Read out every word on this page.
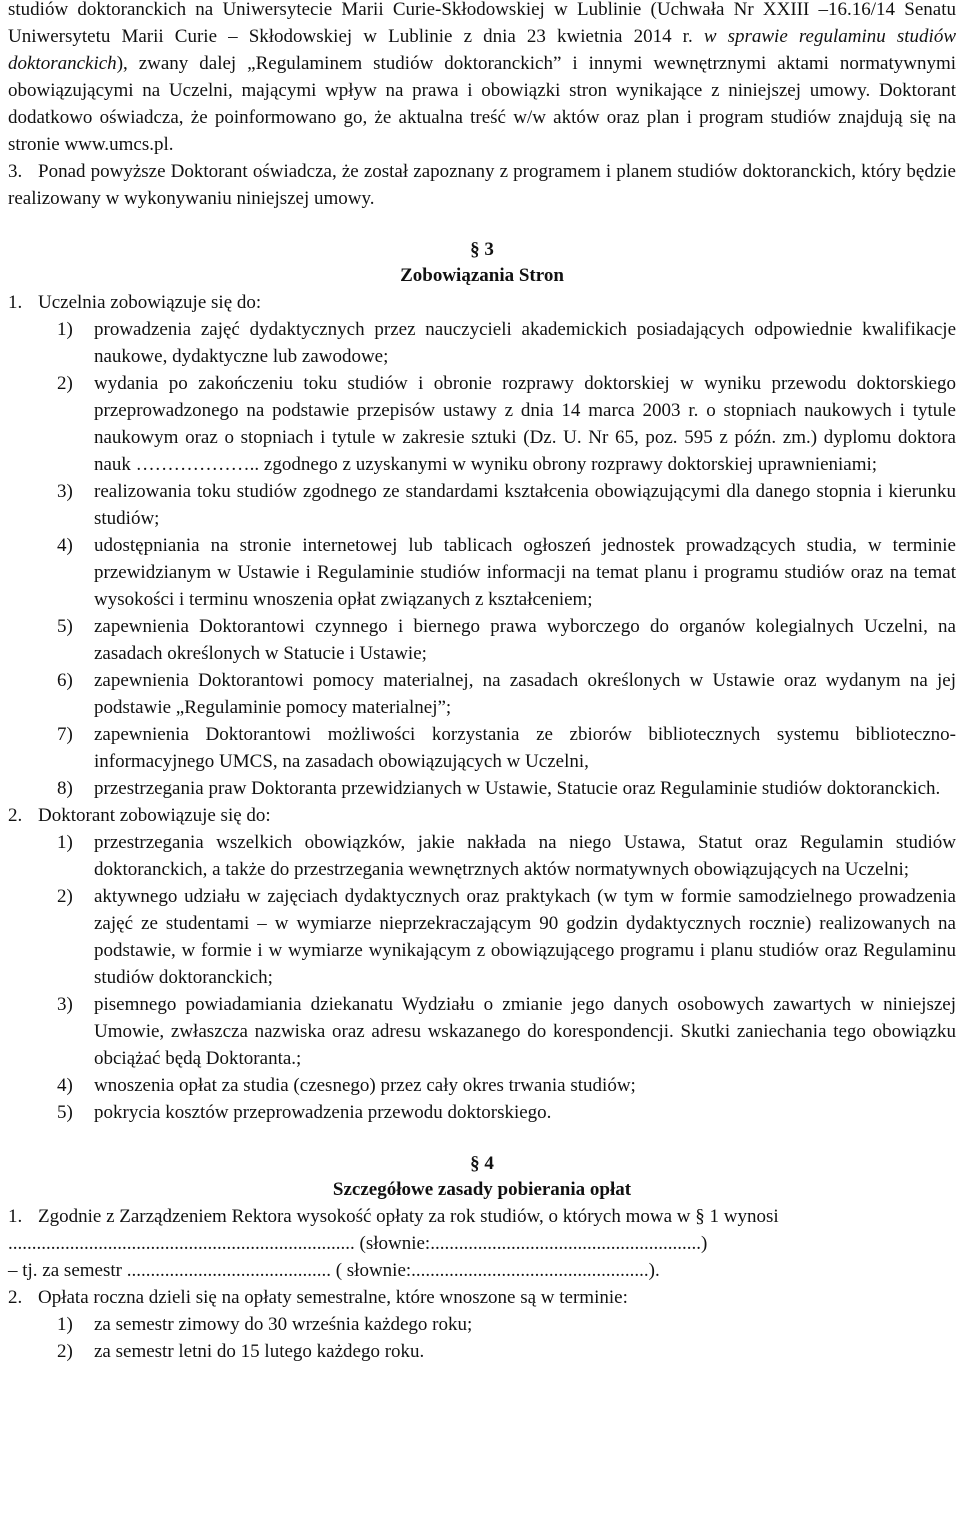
studiów doktoranckich na Uniwersytecie Marii Curie-Skłodowskiej w Lublinie (Uchwała Nr XXIII –16.16/14 Senatu Uniwersytetu Marii Curie – Skłodowskiej w Lublinie z dnia 23 kwietnia 2014 r. w sprawie regulaminu studiów doktoranckich), zwany dalej „Regulaminem studiów doktoranckich” i innymi wewnętrznymi aktami normatywnymi obowiązującymi na Uczelni, mającymi wpływ na prawa i obowiązki stron wynikające z niniejszej umowy. Doktorant dodatkowo oświadcza, że poinformowano go, że aktualna treść w/w aktów oraz plan i program studiów znajdują się na stronie www.umcs.pl.

3. Ponad powyższe Doktorant oświadcza, że został zapoznany z programem i planem studiów doktoranckich, który będzie realizowany w wykonywaniu niniejszej umowy.

§ 3
Zobowiązania Stron
1. Uczelnia zobowiązuje się do:
1) prowadzenia zajęć dydaktycznych przez nauczycieli akademickich posiadających odpowiednie kwalifikacje naukowe, dydaktyczne lub zawodowe;
2) wydania po zakończeniu toku studiów i obronie rozprawy doktorskiej w wyniku przewodu doktorskiego przeprowadzonego na podstawie przepisów ustawy z dnia 14 marca 2003 r. o stopniach naukowych i tytule naukowym oraz o stopniach i tytule w zakresie sztuki (Dz. U. Nr 65, poz. 595 z późn. zm.) dyplomu doktora nauk ……………….. zgodnego z uzyskanymi w wyniku obrony rozprawy doktorskiej uprawnieniami;
3) realizowania toku studiów zgodnego ze standardami kształcenia obowiązującymi dla danego stopnia i kierunku studiów;
4) udostępniania na stronie internetowej lub tablicach ogłoszeń jednostek prowadzących studia, w terminie przewidzianym w Ustawie i Regulaminie studiów informacji na temat planu i programu studiów oraz na temat wysokości i terminu wnoszenia opłat związanych z kształceniem;
5) zapewnienia Doktorantowi czynnego i biernego prawa wyborczego do organów kolegialnych Uczelni, na zasadach określonych w Statucie i Ustawie;
6) zapewnienia Doktorantowi pomocy materialnej, na zasadach określonych w Ustawie oraz wydanym na jej podstawie „Regulaminie pomocy materialnej”;
7) zapewnienia Doktorantowi możliwości korzystania ze zbiorów bibliotecznych systemu biblioteczno-informacyjnego UMCS, na zasadach obowiązujących w Uczelni,
8) przestrzegania praw Doktoranta przewidzianych w Ustawie, Statucie oraz Regulaminie studiów doktoranckich.
2. Doktorant zobowiązuje się do:
1) przestrzegania wszelkich obowiązków, jakie nakłada na niego Ustawa, Statut oraz Regulamin studiów doktoranckich, a także do przestrzegania wewnętrznych aktów normatywnych obowiązujących na Uczelni;
2) aktywnego udziału w zajęciach dydaktycznych oraz praktykach (w tym w formie samodzielnego prowadzenia zajęć ze studentami – w wymiarze nieprzekraczającym 90 godzin dydaktycznych rocznie) realizowanych na podstawie, w formie i w wymiarze wynikającym z obowiązującego programu i planu studiów oraz Regulaminu studiów doktoranckich;
3) pisemnego powiadamiania dziekanatu Wydziału o zmianie jego danych osobowych zawartych w niniejszej Umowie, zwłaszcza nazwiska oraz adresu wskazanego do korespondencji. Skutki zaniechania tego obowiązku obciążać będą Doktoranta.;
4) wnoszenia opłat za studia (czesnego) przez cały okres trwania studiów;
5) pokrycia kosztów przeprowadzenia przewodu doktorskiego.
§ 4
Szczegółowe zasady pobierania opłat
1. Zgodnie z Zarządzeniem Rektora wysokość opłaty za rok studiów, o których mowa w § 1 wynosi
......................................................................... (słownie:.........................................................)
– tj. za semestr ........................................... ( słownie:..................................................).
2. Opłata roczna dzieli się na opłaty semestralne, które wnoszone są w terminie:
1) za semestr zimowy do 30 września każdego roku;
2) za semestr letni do 15 lutego każdego roku.
